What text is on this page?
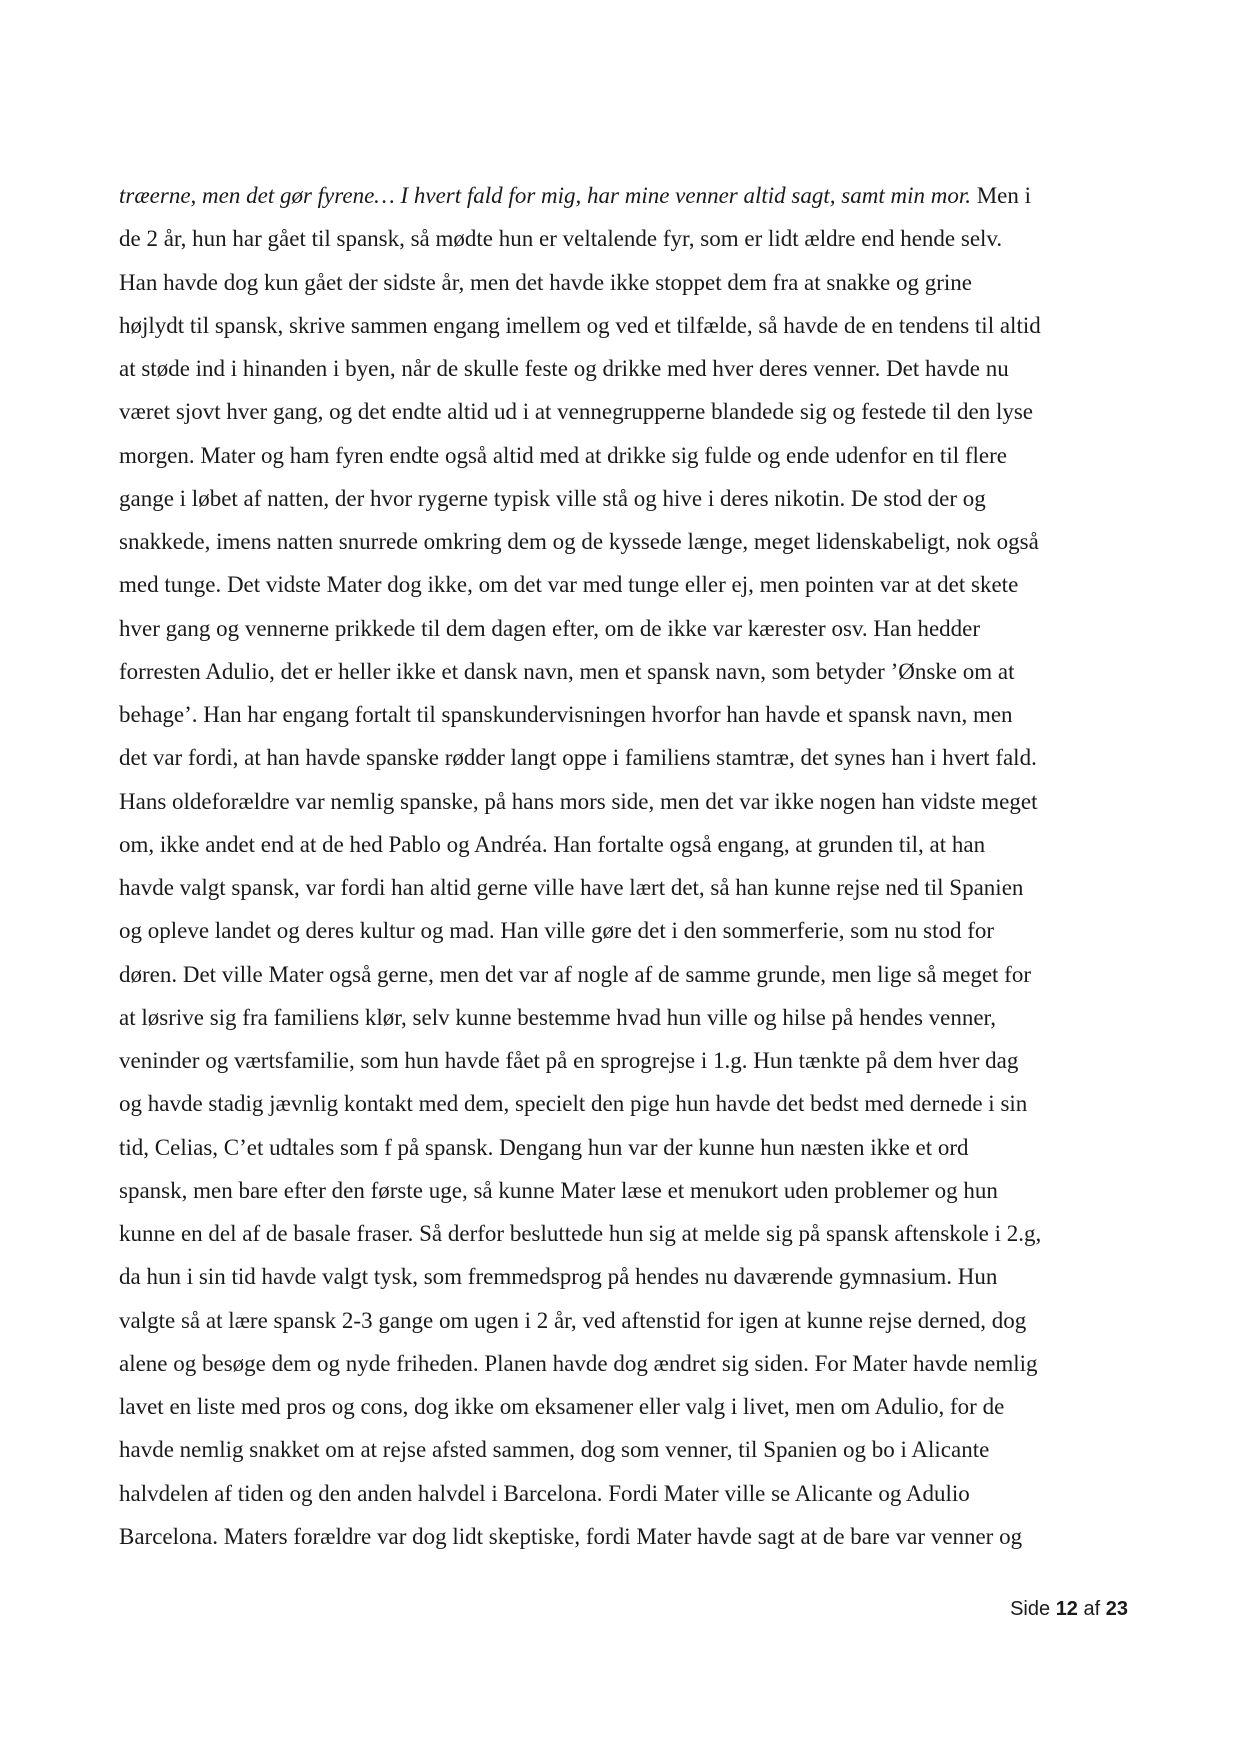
træerne, men det gør fyrene… I hvert fald for mig, har mine venner altid sagt, samt min mor. Men i
de 2 år, hun har gået til spansk, så mødte hun er veltalende fyr, som er lidt ældre end hende selv.
Han havde dog kun gået der sidste år, men det havde ikke stoppet dem fra at snakke og grine
højlydt til spansk, skrive sammen engang imellem og ved et tilfælde, så havde de en tendens til altid
at støde ind i hinanden i byen, når de skulle feste og drikke med hver deres venner. Det havde nu
været sjovt hver gang, og det endte altid ud i at vennegrupperne blandede sig og festede til den lyse
morgen. Mater og ham fyren endte også altid med at drikke sig fulde og ende udenfor en til flere
gange i løbet af natten, der hvor rygerne typisk ville stå og hive i deres nikotin. De stod der og
snakkede, imens natten snurrede omkring dem og de kyssede længe, meget lidenskabeligt, nok også
med tunge. Det vidste Mater dog ikke, om det var med tunge eller ej, men pointen var at det skete
hver gang og vennerne prikkede til dem dagen efter, om de ikke var kærester osv. Han hedder
forresten Adulio, det er heller ikke et dansk navn, men et spansk navn, som betyder ’Ønske om at
behage’. Han har engang fortalt til spanskundervisningen hvorfor han havde et spansk navn, men
det var fordi, at han havde spanske rødder langt oppe i familiens stamtræ, det synes han i hvert fald.
Hans oldeforældre var nemlig spanske, på hans mors side, men det var ikke nogen han vidste meget
om, ikke andet end at de hed Pablo og Andréa. Han fortalte også engang, at grunden til, at han
havde valgt spansk, var fordi han altid gerne ville have lært det, så han kunne rejse ned til Spanien
og opleve landet og deres kultur og mad. Han ville gøre det i den sommerferie, som nu stod for
døren. Det ville Mater også gerne, men det var af nogle af de samme grunde, men lige så meget for
at løsrive sig fra familiens klør, selv kunne bestemme hvad hun ville og hilse på hendes venner,
veninder og værtsfamilie, som hun havde fået på en sprogrejse i 1.g. Hun tænkte på dem hver dag
og havde stadig jævnlig kontakt med dem, specielt den pige hun havde det bedst med dernede i sin
tid, Celias, C’et udtales som f på spansk. Dengang hun var der kunne hun næsten ikke et ord
spansk, men bare efter den første uge, så kunne Mater læse et menukort uden problemer og hun
kunne en del af de basale fraser. Så derfor besluttede hun sig at melde sig på spansk aftenskole i 2.g,
da hun i sin tid havde valgt tysk, som fremmedsprog på hendes nu daværende gymnasium. Hun
valgte så at lære spansk 2-3 gange om ugen i 2 år, ved aftenstid for igen at kunne rejse derned, dog
alene og besøge dem og nyde friheden. Planen havde dog ændret sig siden. For Mater havde nemlig
lavet en liste med pros og cons, dog ikke om eksamener eller valg i livet, men om Adulio, for de
havde nemlig snakket om at rejse afsted sammen, dog som venner, til Spanien og bo i Alicante
halvdelen af tiden og den anden halvdel i Barcelona. Fordi Mater ville se Alicante og Adulio
Barcelona. Maters forældre var dog lidt skeptiske, fordi Mater havde sagt at de bare var venner og
Side 12 af 23
